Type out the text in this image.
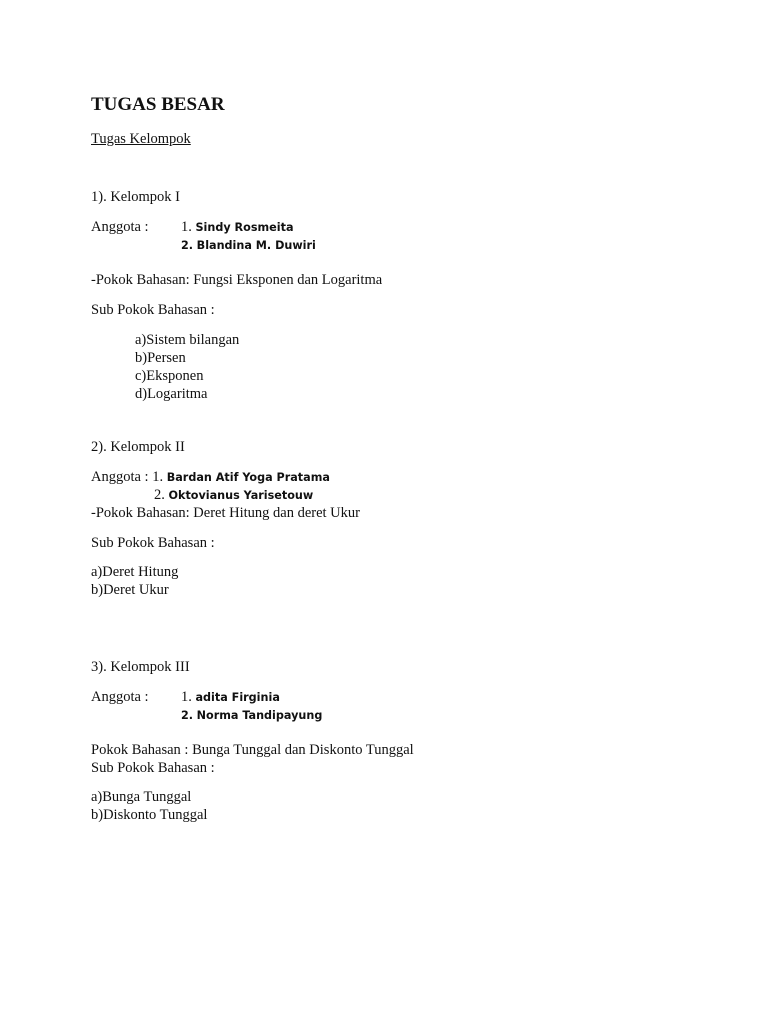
TUGAS BESAR
Tugas Kelompok
1). Kelompok I
Anggota : 1. Sindy Rosmeita
2. Blandina M. Duwiri
-Pokok Bahasan: Fungsi Eksponen dan Logaritma
Sub Pokok Bahasan :
a)Sistem bilangan
b)Persen
c)Eksponen
d)Logaritma
2). Kelompok II
Anggota : 1. Bardan Atif Yoga Pratama
2. Oktovianus Yarisetouw
-Pokok Bahasan: Deret Hitung dan deret Ukur
Sub Pokok Bahasan :
a)Deret Hitung
b)Deret Ukur
3). Kelompok III
Anggota : 1. adita Firginia
2. Norma Tandipayung
Pokok Bahasan : Bunga Tunggal dan Diskonto Tunggal
Sub Pokok Bahasan :
a)Bunga Tunggal
b)Diskonto Tunggal
